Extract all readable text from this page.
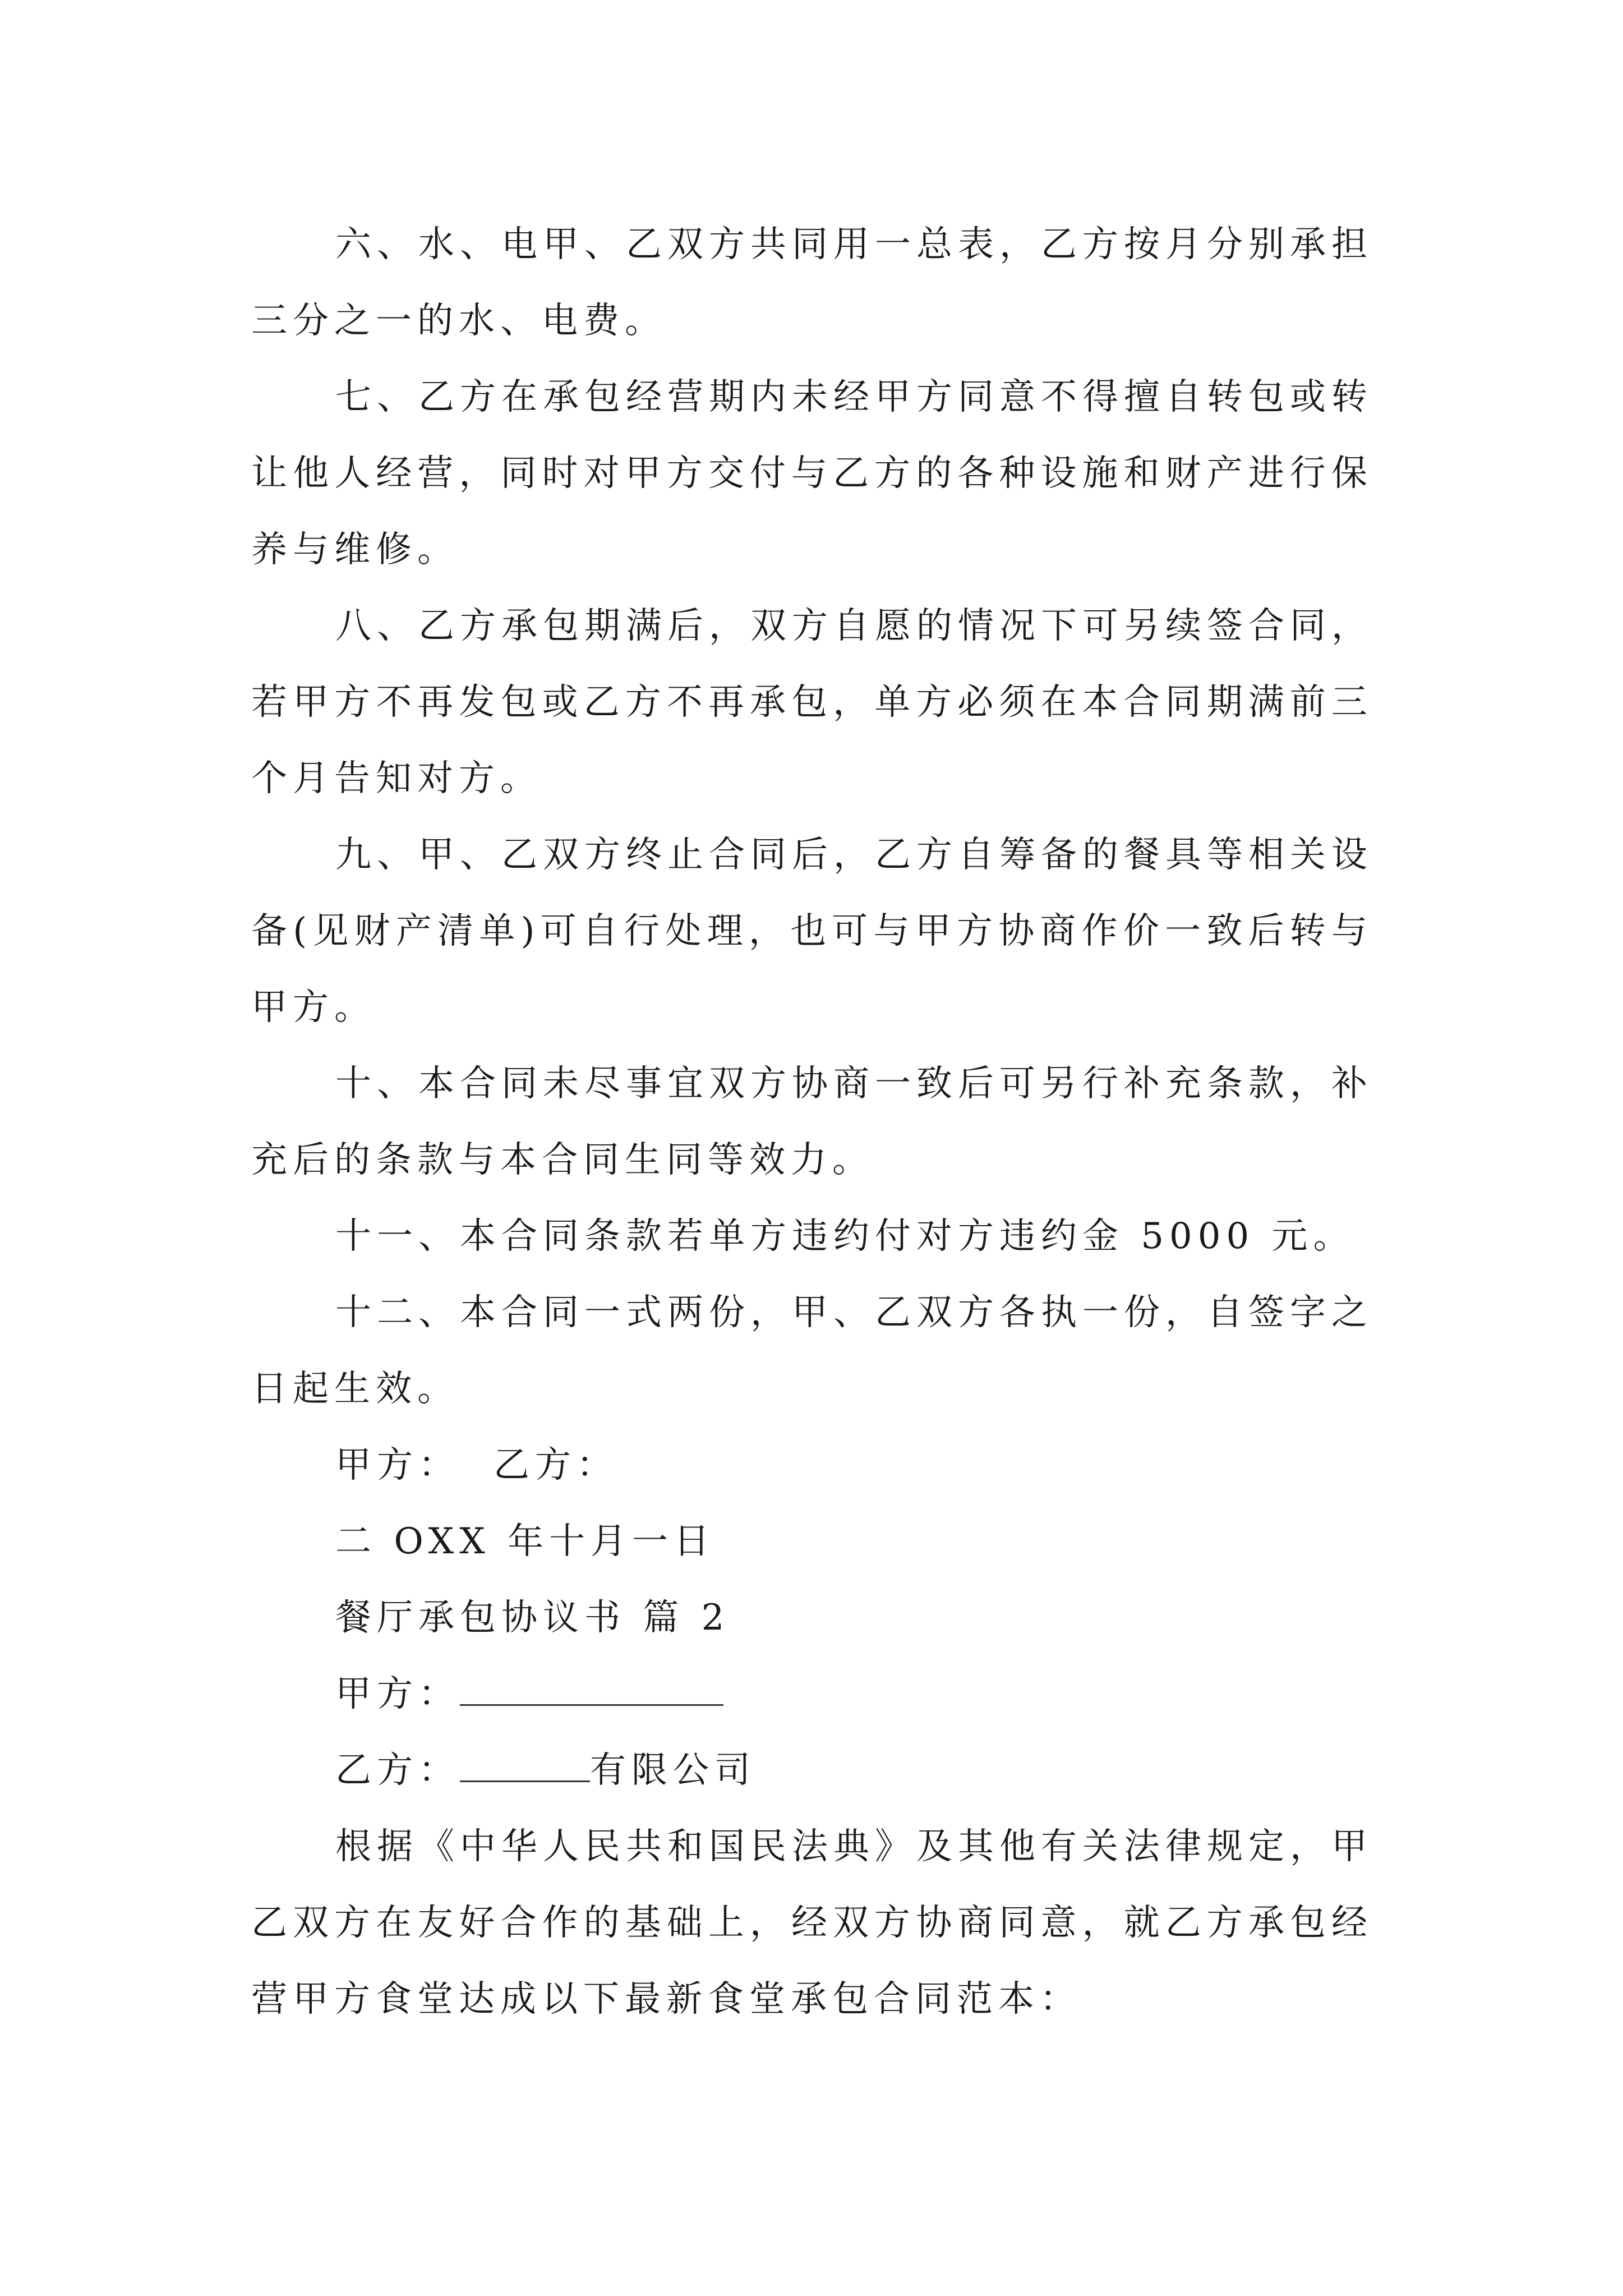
六、水、电甲、乙双方共同用一总表，乙方按月分别承担三分之一的水、电费。

七、乙方在承包经营期内未经甲方同意不得擅自转包或转让他人经营，同时对甲方交付与乙方的各种设施和财产进行保养与维修。

八、乙方承包期满后，双方自愿的情况下可另续签合同，若甲方不再发包或乙方不再承包，单方必须在本合同期满前三个月告知对方。

九、甲、乙双方终止合同后，乙方自筹备的餐具等相关设备(见财产清单)可自行处理，也可与甲方协商作价一致后转与甲方。

十、本合同未尽事宜双方协商一致后可另行补充条款，补充后的条款与本合同生同等效力。

十一、本合同条款若单方违约付对方违约金 5000 元。

十二、本合同一式两份，甲、乙双方各执一份，自签字之日起生效。

甲方： 乙方：

二 OXX 年十月一日

餐厅承包协议书 篇 2

甲方：

乙方：	有限公司

根据《中华人民共和国民法典》及其他有关法律规定，甲乙双方在友好合作的基础上，经双方协商同意，就乙方承包经营甲方食堂达成以下最新食堂承包合同范本：
